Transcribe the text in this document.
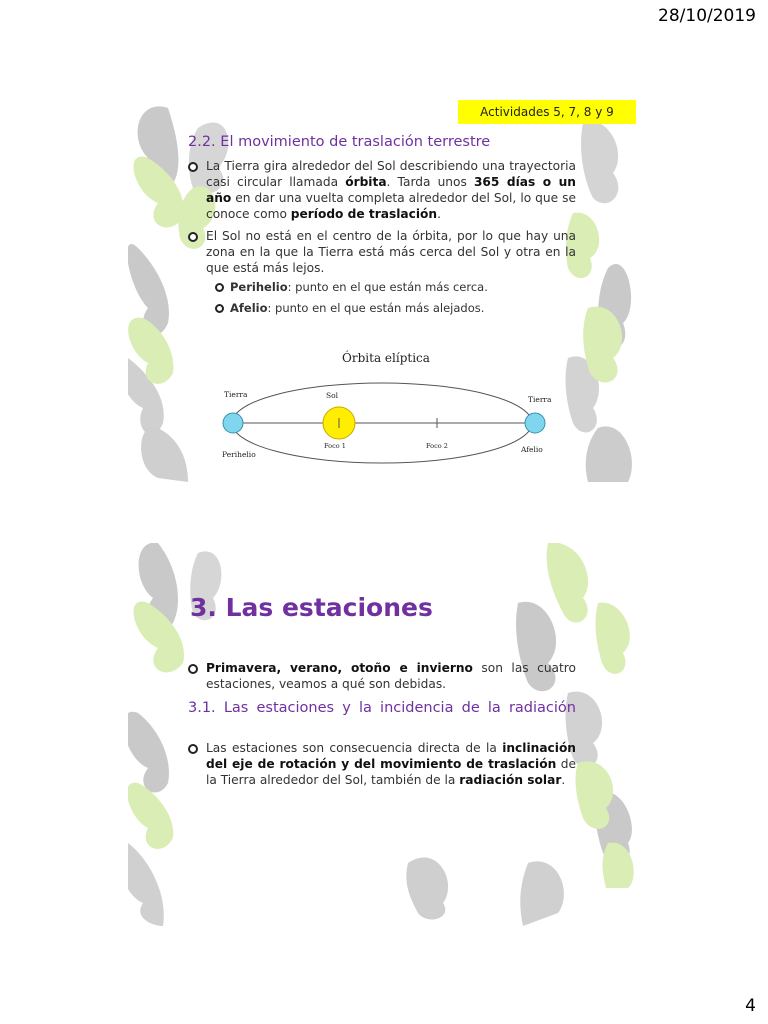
28/10/2019
Actividades 5, 7, 8 y 9
2.2. El movimiento de traslación terrestre
La Tierra gira alrededor del Sol describiendo una trayectoria casi circular llamada órbita. Tarda unos 365 días o un año en dar una vuelta completa alrededor del Sol, lo que se conoce como período de traslación.
El Sol no está en el centro de la órbita, por lo que hay una zona en la que la Tierra está más cerca del Sol y otra en la que está más lejos.
Perihelio: punto en el que están más cerca.
Afelio: punto en el que están más alejados.
Órbita elíptica
Tierra
Tierra
Sol
Foco 1	Foco 2
Perihelio
Afelio
3. Las estaciones
Primavera, verano, otoño e invierno son las cuatro estaciones, veamos a qué son debidas.
3.1. Las estaciones y la incidencia de la radiación
Las estaciones son consecuencia directa de la inclinación del eje de rotación y del movimiento de traslación de la Tierra alrededor del Sol, también de la radiación solar.
4
